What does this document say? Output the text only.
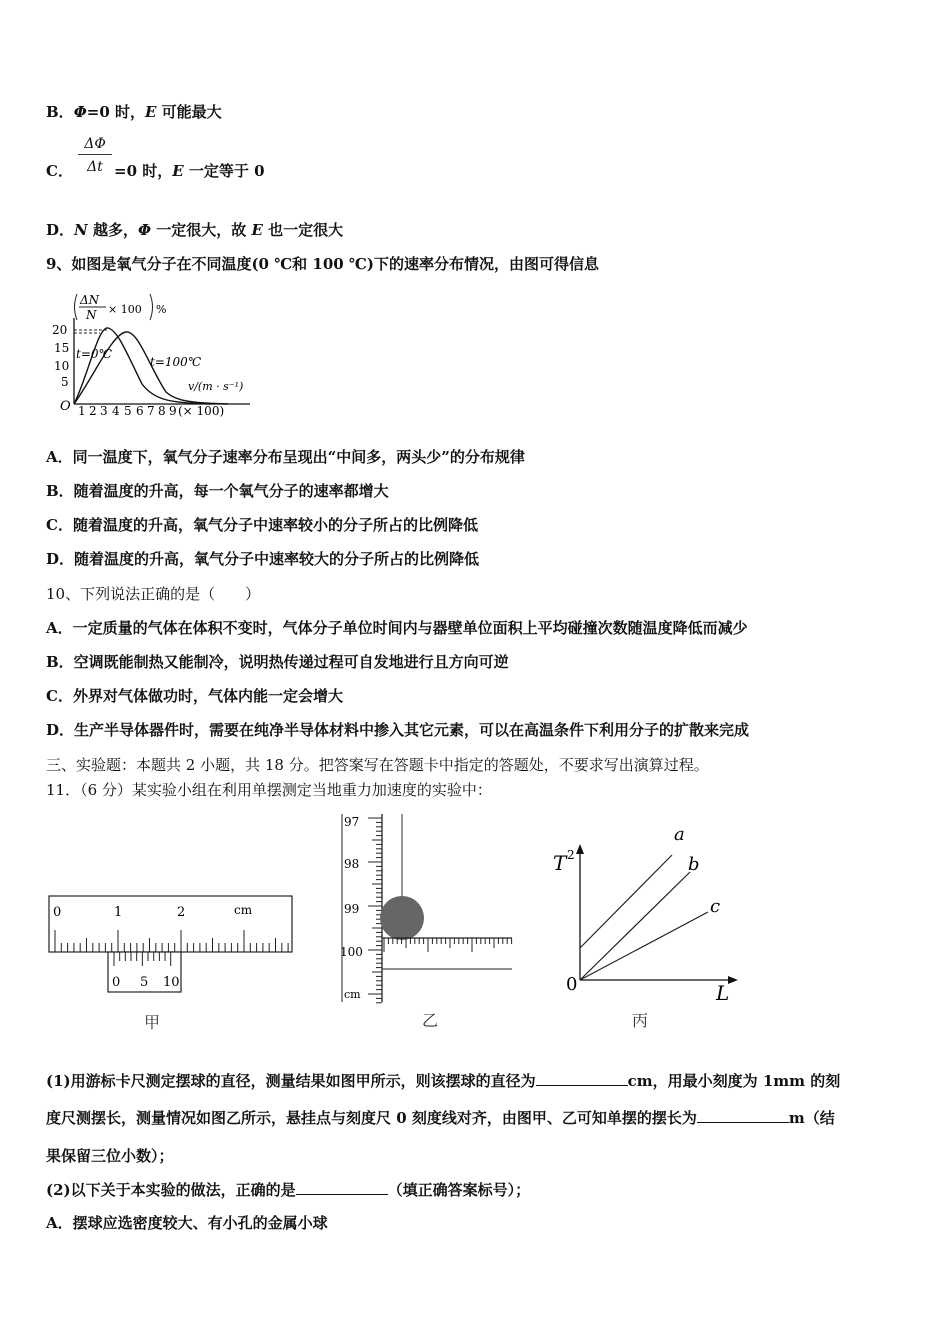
B．Φ=0 时，E 可能最大
C． $\frac{\Delta\Phi}{\Delta t} =0$ 时，E 一定等于 0
D．N 越多，Φ 一定很大，故 E 也一定很大
9、如图是氧气分子在不同温度(0 ℃和 100 ℃)下的速率分布情况，由图可得信息
ΔN
N × 100 %
20
15
10
5
O 1 2 3 4 5 6 7 8 9 (× 100)
v/(m · s⁻¹)
t=0℃
t=100℃
A．同一温度下，氧气分子速率分布呈现出“中间多，两头少”的分布规律
B．随着温度的升高，每一个氧气分子的速率都增大
C．随着温度的升高，氧气分子中速率较小的分子所占的比例降低
D．随着温度的升高，氧气分子中速率较大的分子所占的比例降低
10、下列说法正确的是（　　）
A．一定质量的气体在体积不变时，气体分子单位时间内与器壁单位面积上平均碰撞次数随温度降低而减少
B．空调既能制热又能制冷，说明热传递过程可自发地进行且方向可逆
C．外界对气体做功时，气体内能一定会增大
D．生产半导体器件时，需要在纯净半导体材料中掺入其它元素，可以在高温条件下利用分子的扩散来完成
三、实验题：本题共 2 小题，共 18 分。把答案写在答题卡中指定的答题处，不要求写出演算过程。
11．（6 分）某实验小组在利用单摆测定当地重力加速度的实验中：
0	1	2	cm
0 5 10
甲
97
98
99
100
cm
乙
T 2
L
0
a
b
c
丙
(1)用游标卡尺测定摆球的直径，测量结果如图甲所示，则该摆球的直径为	cm，用最小刻度为 1mm 的刻
度尺测摆长，测量情况如图乙所示，悬挂点与刻度尺 0 刻度线对齐，由图甲、乙可知单摆的摆长为	m（结
果保留三位小数）；
(2)以下关于本实验的做法，正确的是	（填正确答案标号）；
A．摆球应选密度较大、有小孔的金属小球
